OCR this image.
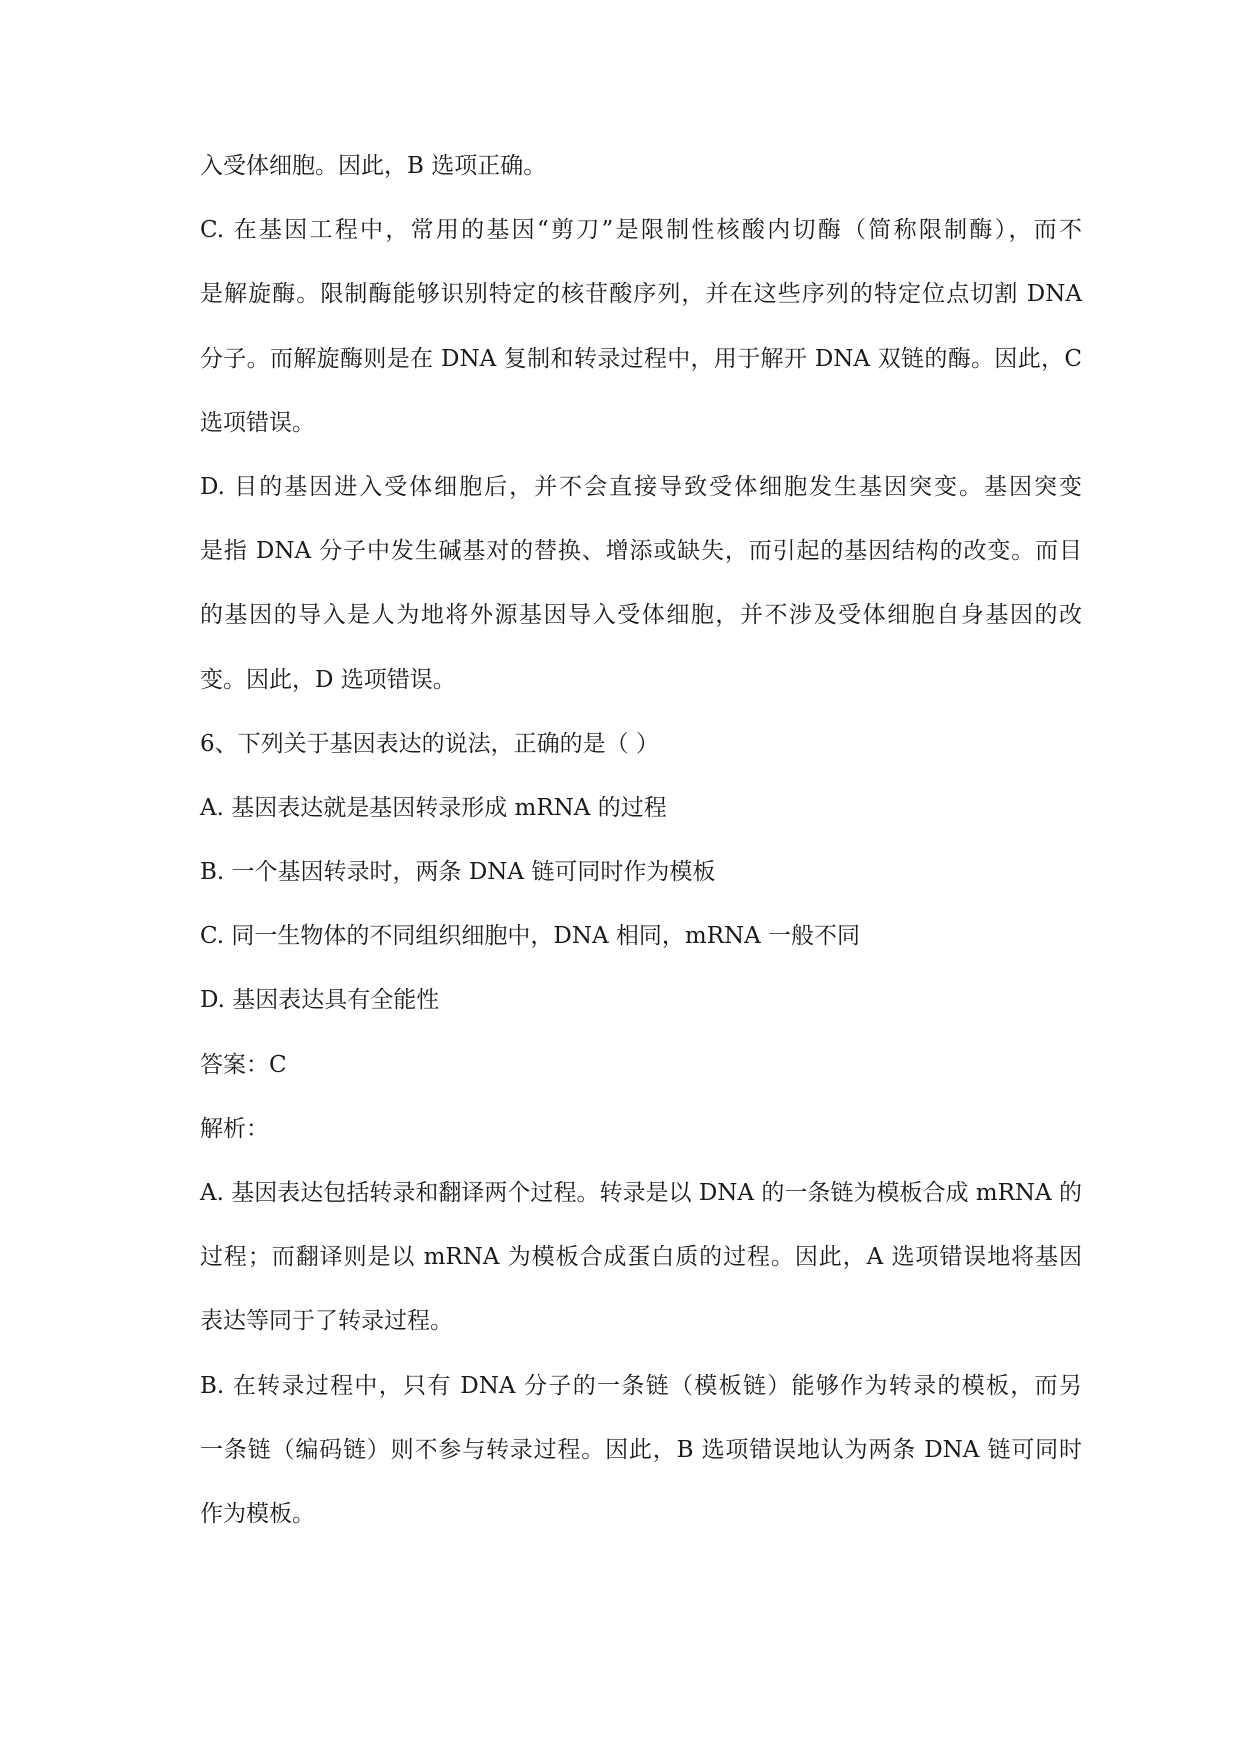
入受体细胞。因此，B 选项正确。
C. 在基因工程中，常用的基因“剪刀”是限制性核酸内切酶（简称限制酶），而不
是解旋酶。限制酶能够识别特定的核苷酸序列，并在这些序列的特定位点切割 DNA
分子。而解旋酶则是在 DNA 复制和转录过程中，用于解开 DNA 双链的酶。因此，C
选项错误。
D. 目的基因进入受体细胞后，并不会直接导致受体细胞发生基因突变。基因突变
是指 DNA 分子中发生碱基对的替换、增添或缺失，而引起的基因结构的改变。而目
的基因的导入是人为地将外源基因导入受体细胞，并不涉及受体细胞自身基因的改
变。因此，D 选项错误。
6、下列关于基因表达的说法，正确的是（ ）
A. 基因表达就是基因转录形成 mRNA 的过程
B. 一个基因转录时，两条 DNA 链可同时作为模板
C. 同一生物体的不同组织细胞中，DNA 相同，mRNA 一般不同
D. 基因表达具有全能性
答案：C
解析：
A. 基因表达包括转录和翻译两个过程。转录是以 DNA 的一条链为模板合成 mRNA 的
过程；而翻译则是以 mRNA 为模板合成蛋白质的过程。因此，A 选项错误地将基因
表达等同于了转录过程。
B. 在转录过程中，只有 DNA 分子的一条链（模板链）能够作为转录的模板，而另
一条链（编码链）则不参与转录过程。因此，B 选项错误地认为两条 DNA 链可同时
作为模板。
